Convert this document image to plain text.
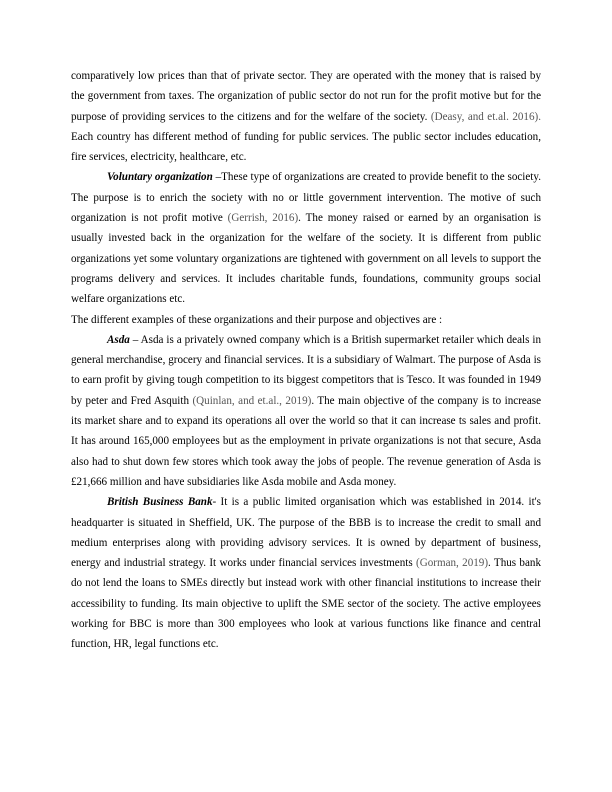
comparatively low prices than that of private sector. They are operated with the money that is raised by the government from taxes. The organization of public sector do not run for the profit motive but for the purpose of providing services to the citizens and for the welfare of the society. (Deasy, and et.al. 2016). Each country has different method of funding for public services. The public sector includes education, fire services, electricity, healthcare, etc.

Voluntary organization –These type of organizations are created to provide benefit to the society. The purpose is to enrich the society with no or little government intervention. The motive of such organization is not profit motive (Gerrish, 2016). The money raised or earned by an organisation is usually invested back in the organization for the welfare of the society. It is different from public organizations yet some voluntary organizations are tightened with government on all levels to support the programs delivery and services. It includes charitable funds, foundations, community groups social welfare organizations etc.

The different examples of these organizations and their purpose and objectives are :

Asda – Asda is a privately owned company which is a British supermarket retailer which deals in general merchandise, grocery and financial services. It is a subsidiary of Walmart. The purpose of Asda is to earn profit by giving tough competition to its biggest competitors that is Tesco. It was founded in 1949 by peter and Fred Asquith (Quinlan, and et.al., 2019). The main objective of the company is to increase its market share and to expand its operations all over the world so that it can increase ts sales and profit. It has around 165,000 employees but as the employment in private organizations is not that secure, Asda also had to shut down few stores which took away the jobs of people. The revenue generation of Asda is £21,666 million and have subsidiaries like Asda mobile and Asda money.

British Business Bank- It is a public limited organisation which was established in 2014. it's headquarter is situated in Sheffield, UK. The purpose of the BBB is to increase the credit to small and medium enterprises along with providing advisory services. It is owned by department of business, energy and industrial strategy. It works under financial services investments (Gorman, 2019). Thus bank do not lend the loans to SMEs directly but instead work with other financial institutions to increase their accessibility to funding. Its main objective to uplift the SME sector of the society. The active employees working for BBC is more than 300 employees who look at various functions like finance and central function, HR, legal functions etc.
